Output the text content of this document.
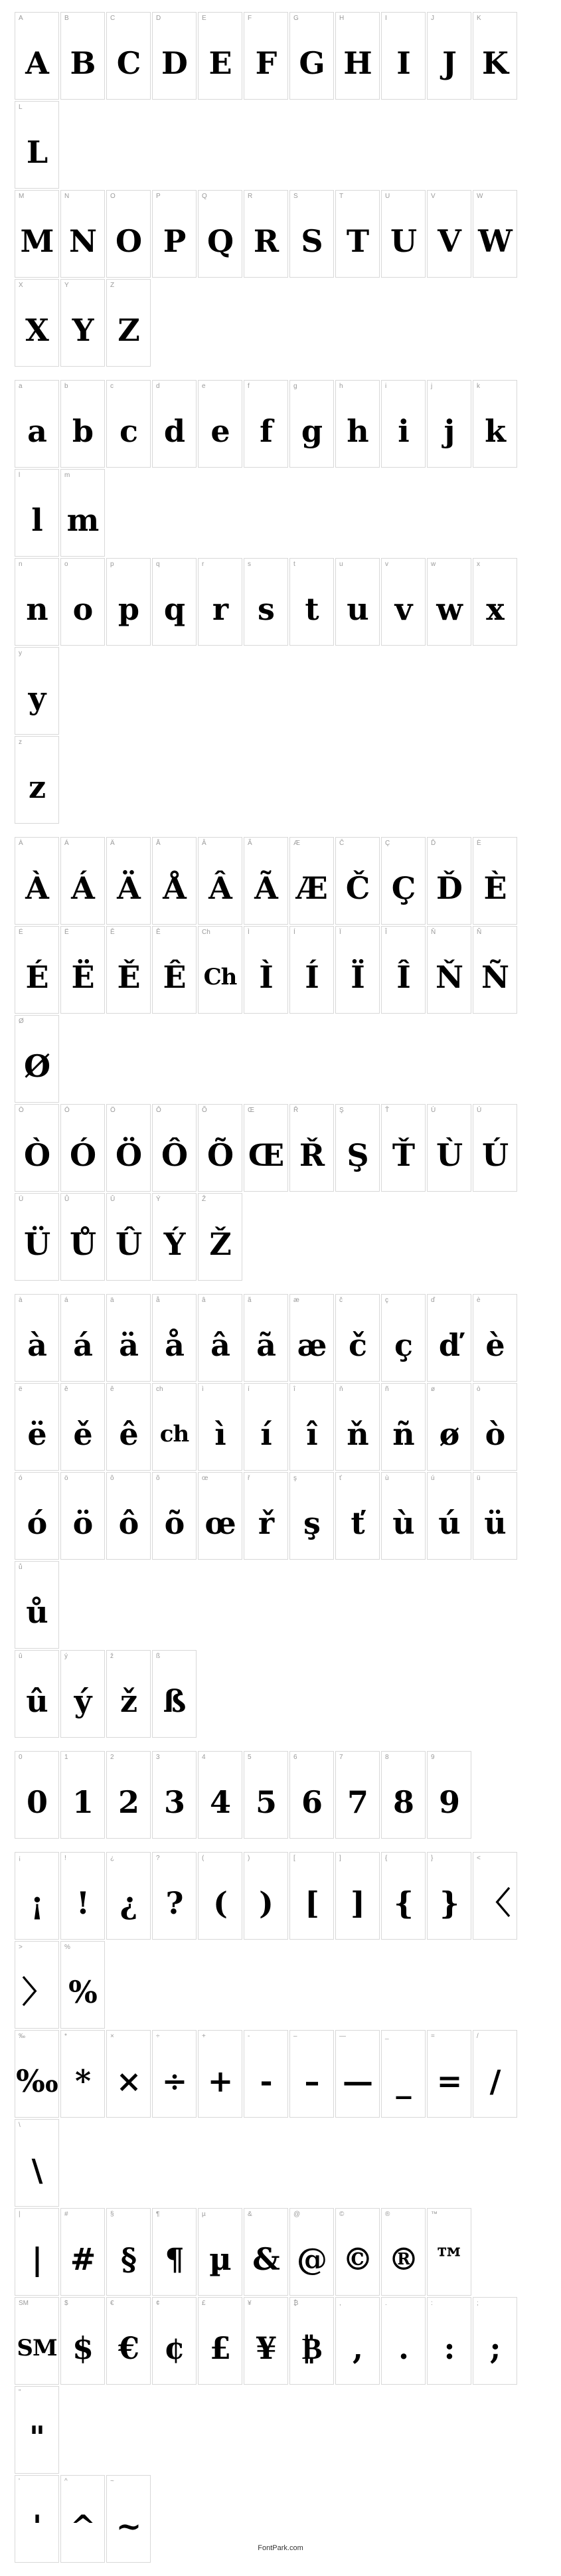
A
A
B
B
C
C
D
D
E
E
F
F
G
G
H
H
I
I
J
J
K
K
L
L
M
M
N
N
O
O
P
P
Q
Q
R
R
S
S
T
T
U
U
V
V
W
W
X
X
Y
Y
Z
Z
a
a
b
b
c
c
d
d
e
e
f
f
g
g
h
h
i
i
j
j
k
k
l
l
m
m
n
n
o
o
p
p
q
q
r
r
s
s
t
t
u
u
v
v
w
w
x
x
y
y
z
z
À
À
Á
Á
Ä
Ä
Å
Å
Â
Â
Ã
Ã
Æ
Æ
Č
Č
Ç
Ç
Ď
Ď
È
È
É
É
Ë
Ë
Ě
Ě
Ê
Ê
Ch
Ch
Ì
Ì
Í
Í
Ï
Ï
Î
Î
Ň
Ň
Ñ
Ñ
Ø
Ø
Ò
Ò
Ó
Ó
Ö
Ö
Ô
Ô
Õ
Õ
Œ
Œ
Ř
Ř
Ş
Ş
Ť
Ť
Ù
Ù
Ú
Ú
Ü
Ü
Ů
Ů
Û
Û
Ý
Ý
Ž
Ž
à
à
á
á
ä
ä
å
å
â
â
ã
ã
æ
æ
č
č
ç
ç
ď
ď
è
è
ë
ë
ě
ě
ê
ê
ch
ch
ì
ì
í
í
î
î
ň
ň
ñ
ñ
ø
ø
ò
ò
ó
ó
ö
ö
ô
ô
õ
õ
œ
œ
ř
ř
ş
ş
ť
ť
ù
ù
ú
ú
ü
ü
ů
ů
û
û
ý
ý
ž
ž
ß
ß
0
0
1
1
2
2
3
3
4
4
5
5
6
6
7
7
8
8
9
9
¡
¡
!
!
¿
¿
?
?
(
(
)
)
[
[
]
]
{
{
}
}
<
〈
>
〉
%
%
‰
‰
*
*
×
×
÷
÷
+
+
-
-
–
–
—
—
_
_
=
=
/
/
\
\
|
|
#
#
§
§
¶
¶
µ
µ
&
&
@
@
©
©
®
®
™
™
SM
SM
$
$
€
€
¢
¢
£
£
¥
¥
₿
₿
,
,
.
.
:
:
;
;
"
"
'
'
^
^
~
~
FontPark.com
